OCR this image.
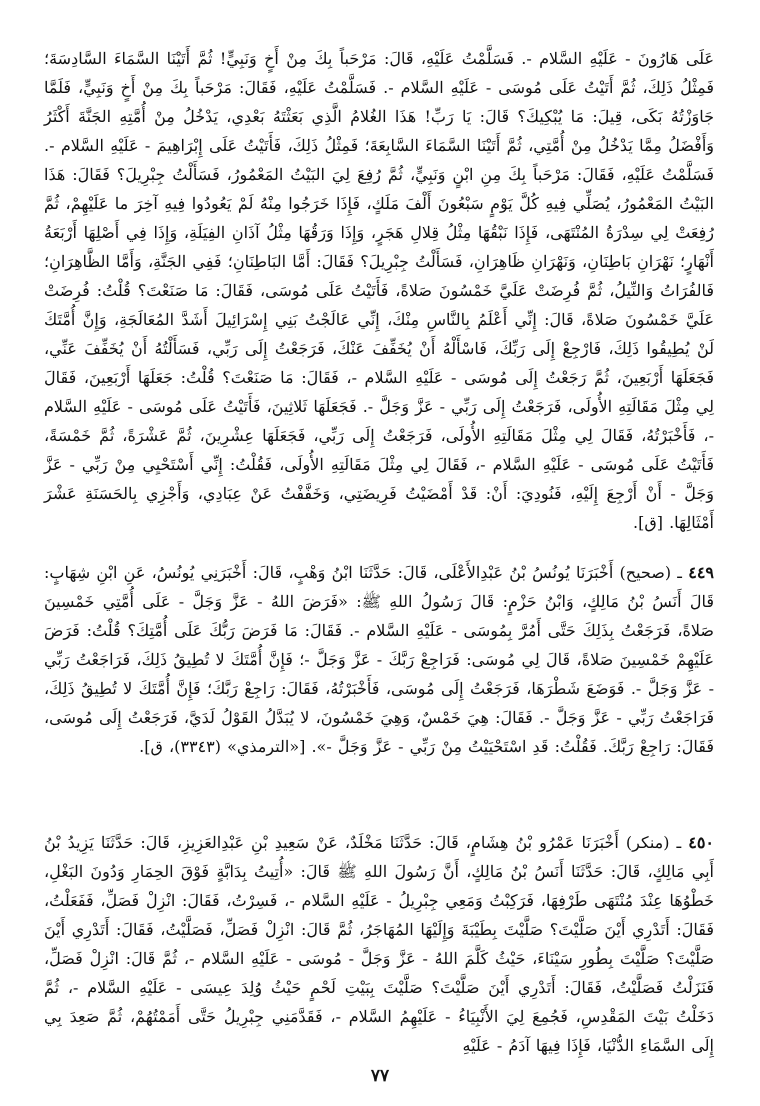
عَلَى هَارُونَ - عَلَيْهِ السَّلام -. فَسَلَّمْتُ عَلَيْهِ، قَالَ: مَرْحَباً بِكَ مِنْ أَخٍ وَنَبِيٍّ! ثُمَّ أَتَيْنَا السَّمَاءَ السَّادِسَةَ؛ فَمِثْلُ ذَلِكَ، ثُمَّ أَتَيْتُ عَلَى مُوسَى - عَلَيْهِ السَّلام -. فَسَلَّمْتُ عَلَيْهِ، فَقَالَ: مَرْحَباً بِكَ مِنْ أَخٍ وَنَبِيٍّ، فَلَمَّا جَاوَزْتُهُ بَكَى، قِيلَ: مَا يُبْكِيكَ؟ قَالَ: يَا رَبِّ! هَذَا الغُلامُ الَّذِي بَعَثْتَهُ بَعْدِي، يَدْخُلُ مِنْ أُمَّتِهِ الجَنَّةَ أَكْثَرُ وَأَفْضَلُ مِمَّا يَدْخُلُ مِنْ أُمَّتِي، ثُمَّ أَتَيْنَا السَّمَاءَ السَّابِعَةَ؛ فَمِثْلُ ذَلِكَ، فَأَتَيْتُ عَلَى إِبْرَاهِيمَ - عَلَيْهِ السَّلام -. فَسَلَّمْتُ عَلَيْهِ، فَقَالَ: مَرْحَباً بِكَ مِنِ ابْنٍ وَنَبِيٍّ، ثُمَّ رُفِعَ لِيَ البَيْتُ المَعْمُورُ، فَسَأَلْتُ جِبْرِيلَ؟ فَقَالَ: هَذَا البَيْتُ المَعْمُورُ، يُصَلِّي فِيهِ كُلَّ يَوْمٍ سَبْعُونَ أَلْفَ مَلَكٍ، فَإِذَا خَرَجُوا مِنْهُ لَمْ يَعُودُوا فِيهِ آخِرَ ما عَلَيْهِمْ، ثُمَّ رُفِعَتْ لِي سِدْرَةُ المُنْتَهَى، فَإِذَا نَبْقُهَا مِثْلُ قِلالِ هَجَرٍ، وَإِذَا وَرَقُهَا مِثْلُ آذَانِ الفِيَلَةِ، وَإِذَا فِي أَصْلِهَا أَرْبَعَةُ أَنْهَارٍ؛ نَهْرَانِ بَاطِنَانِ، وَنَهْرَانِ ظَاهِرَانِ، فَسَأَلْتُ جِبْرِيلَ؟ فَقَالَ: أَمَّا البَاطِنَانِ؛ فَفِي الجَنَّةِ، وَأَمَّا الظَّاهِرَانِ؛ فَالفُرَاتُ وَالنِّيلُ، ثُمَّ فُرِضَتْ عَلَيَّ خَمْسُونَ صَلاةً، فَأَتَيْتُ عَلَى مُوسَى، فَقَالَ: مَا صَنَعْتَ؟ قُلْتُ: فُرِضَتْ عَلَيَّ خَمْسُونَ صَلاةً، قَالَ: إِنِّي أَعْلَمُ بِالنَّاسِ مِنْكَ، إِنِّي عَالَجْتُ بَنِي إِسْرَائِيلَ أَشَدَّ المُعَالَجَةِ، وَإِنَّ أُمَّتَكَ لَنْ يُطِيقُوا ذَلِكَ، فَارْجِعْ إِلَى رَبِّكَ، فَاسْأَلْهُ أَنْ يُخَفِّفَ عَنْكَ، فَرَجَعْتُ إِلَى رَبِّي، فَسَأَلْتُهُ أَنْ يُخَفِّفَ عَنِّي، فَجَعَلَهَا أَرْبَعِينَ، ثُمَّ رَجَعْتُ إِلَى مُوسَى - عَلَيْهِ السَّلام -، فَقَالَ: مَا صَنَعْتَ؟ قُلْتُ: جَعَلَهَا أَرْبَعِينَ، فَقَالَ لِي مِثْلَ مَقَالَتِهِ الأُولَى، فَرَجَعْتُ إِلَى رَبِّي - عَزَّ وَجَلَّ -. فَجَعَلَهَا ثَلاثِينَ، فَأَتَيْتُ عَلَى مُوسَى - عَلَيْهِ السَّلام -، فَأَخْبَرْتُهُ، فَقَالَ لِي مِثْلَ مَقَالَتِهِ الأُولَى، فَرَجَعْتُ إِلَى رَبِّي، فَجَعَلَهَا عِشْرِينَ، ثُمَّ عَشْرَةً، ثُمَّ خَمْسَةً، فَأَتَيْتُ عَلَى مُوسَى - عَلَيْهِ السَّلام -، فَقَالَ لِي مِثْلَ مَقَالَتِهِ الأُولَى، فَقُلْتُ: إِنِّي أَسْتَحْيِي مِنْ رَبِّي - عَزَّ وَجَلَّ - أَنْ أَرْجِعَ إِلَيْهِ، فَنُودِيَ: أَنْ: قَدْ أَمْضَيْتُ فَرِيضَتِي، وَخَفَّفْتُ عَنْ عِبَادِي، وَأَجْزِي بِالحَسَنَةِ عَشْرَ أَمْثَالِهَا. [ق].

٤٤٩ ـ (صحيح) أَخْبَرَنَا يُونُسُ بْنُ عَبْدِالأَعْلَى، قَالَ: حَدَّثَنَا ابْنُ وَهْبٍ، قَالَ: أَخْبَرَنِي يُونُسُ، عَنِ ابْنِ شِهَابٍ: قَالَ أَنَسُ بْنُ مَالِكٍ، وَابْنُ حَزْمٍ: قَالَ رَسُولُ اللهِ ﷺ: «فَرَضَ اللهُ - عَزَّ وَجَلَّ - عَلَى أُمَّتِي خَمْسِينَ صَلاةً، فَرَجَعْتُ بِذَلِكَ حَتَّى أَمُرَّ بِمُوسَى - عَلَيْهِ السَّلام -. فَقَالَ: مَا فَرَضَ رَبُّكَ عَلَى أُمَّتِكَ؟ قُلْتُ: فَرَضَ عَلَيْهِمْ خَمْسِينَ صَلاةً، قَالَ لِي مُوسَى: فَرَاجِعْ رَبَّكَ - عَزَّ وَجَلَّ -؛ فَإِنَّ أُمَّتَكَ لا تُطِيقُ ذَلِكَ، فَرَاجَعْتُ رَبِّي - عَزَّ وَجَلَّ -. فَوَضَعَ شَطْرَهَا، فَرَجَعْتُ إِلَى مُوسَى، فَأَخْبَرْتُهُ، فَقَالَ: رَاجِعْ رَبَّكَ؛ فَإِنَّ أُمَّتَكَ لا تُطِيقُ ذَلِكَ، فَرَاجَعْتُ رَبِّي - عَزَّ وَجَلَّ -. فَقَالَ: هِيَ خَمْسٌ، وَهِيَ خَمْسُونَ، لا يُبَدَّلُ القَوْلُ لَدَيَّ، فَرَجَعْتُ إِلَى مُوسَى، فَقَالَ: رَاجِعْ رَبَّكَ. فَقُلْتُ: قَدِ اسْتَحْيَيْتُ مِنْ رَبِّي - عَزَّ وَجَلَّ -». [«الترمذي» (٣٣٤٣)، ق].

٤٥٠ ـ (منكر) أَخْبَرَنَا عَمْرُو بْنُ هِشَامٍ، قَالَ: حَدَّثَنَا مَخْلَدٌ، عَنْ سَعِيدِ بْنِ عَبْدِالعَزِيزِ، قَالَ: حَدَّثَنَا يَزِيدُ بْنُ أَبِي مَالِكٍ، قَالَ: حَدَّثَنَا أَنَسُ بْنُ مَالِكٍ، أَنَّ رَسُولَ اللهِ ﷺ قَالَ: «أُتِيتُ بِدَابَّةٍ فَوْقَ الحِمَارِ وَدُونَ البَغْلِ، خَطْوُهَا عِنْدَ مُنْتَهَى طَرْفِهَا، فَرَكِبْتُ وَمَعِي جِبْرِيلُ - عَلَيْهِ السَّلام -، فَسِرْتُ، فَقَالَ: انْزِلْ فَصَلِّ، فَفَعَلْتُ، فَقَالَ: أَتَدْرِي أَيْنَ صَلَّيْتَ؟ صَلَّيْتَ بِطَيْبَةَ وَإِلَيْهَا المُهَاجَرُ، ثُمَّ قَالَ: انْزِلْ فَصَلِّ، فَصَلَّيْتُ، فَقَالَ: أَتَدْرِي أَيْنَ صَلَّيْتَ؟ صَلَّيْتَ بِطُورِ سَيْنَاءَ، حَيْثُ كَلَّمَ اللهُ - عَزَّ وَجَلَّ - مُوسَى - عَلَيْهِ السَّلام -، ثُمَّ قَالَ: انْزِلْ فَصَلِّ، فَنَزَلْتُ فَصَلَّيْتُ، فَقَالَ: أَتَدْرِي أَيْنَ صَلَّيْتَ؟ صَلَّيْتَ بِبَيْتِ لَحْمٍ حَيْثُ وُلِدَ عِيسَى - عَلَيْهِ السَّلام -، ثُمَّ دَخَلْتُ بَيْتَ المَقْدِسِ، فَجُمِعَ لِيَ الأَنْبِيَاءُ - عَلَيْهِمُ السَّلام -، فَقَدَّمَنِي جِبْرِيلُ حَتَّى أَمَمْتُهُمْ، ثُمَّ صَعِدَ بِي إِلَى السَّمَاءِ الدُّنْيَا، فَإِذَا فِيهَا آدَمُ - عَلَيْهِ

٧٧
